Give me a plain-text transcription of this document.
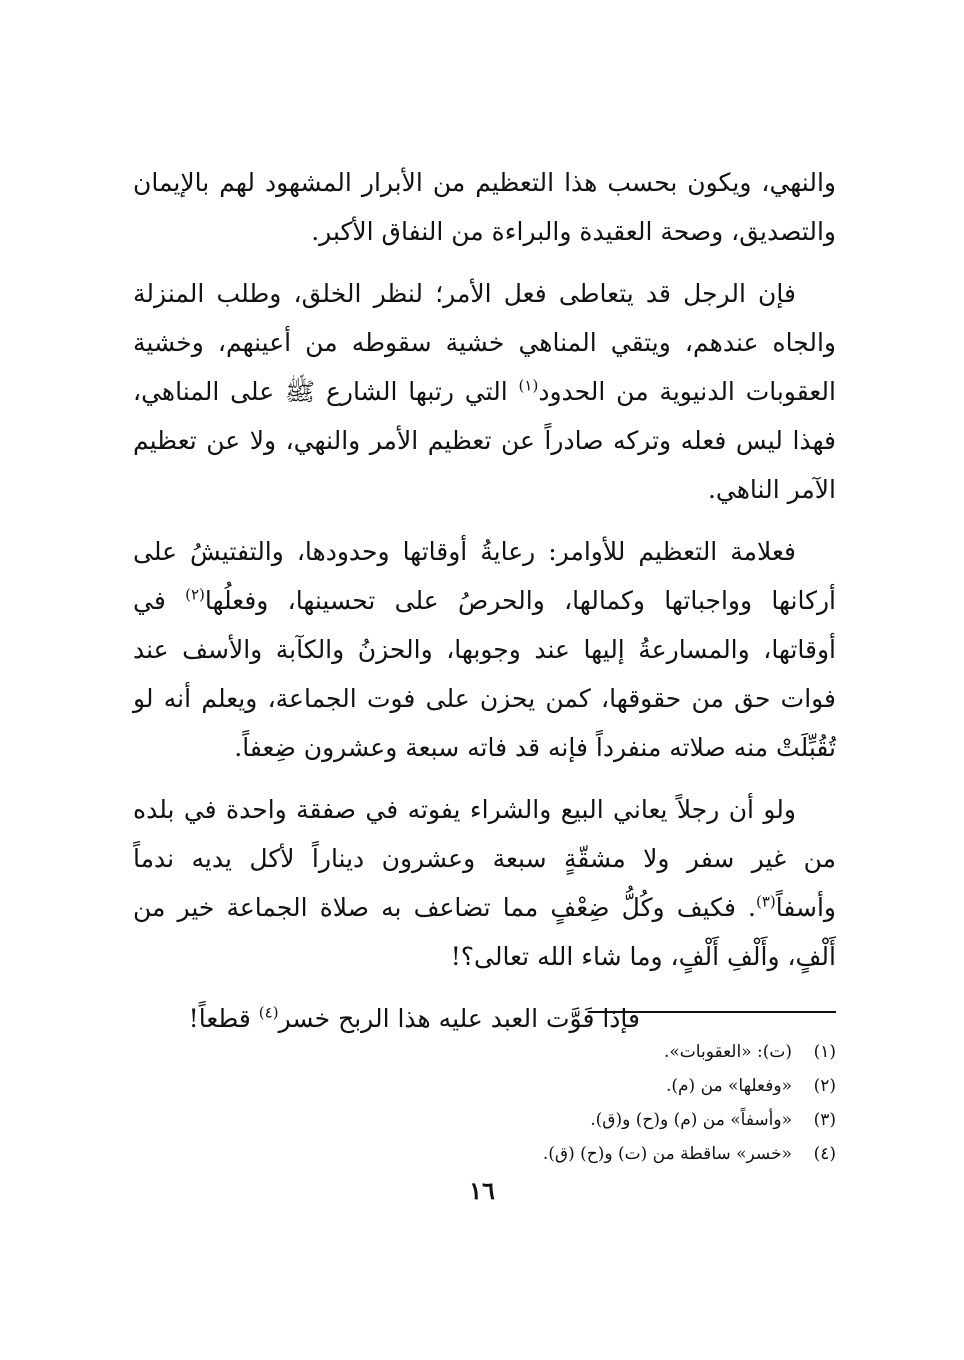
والنهي، ويكون بحسب هذا التعظيم من الأبرار المشهود لهم بالإيمان والتصديق، وصحة العقيدة والبراءة من النفاق الأكبر.

فإن الرجل قد يتعاطى فعل الأمر؛ لنظر الخلق، وطلب المنزلة والجاه عندهم، ويتقي المناهي خشية سقوطه من أعينهم، وخشية العقوبات الدنيوية من الحدود$^{(١)}$ التي رتبها الشارع ﷺ على المناهي، فهذا ليس فعله وتركه صادراً عن تعظيم الأمر والنهي، ولا عن تعظيم الآمر الناهي.

فعلامة التعظيم للأوامر: رعايةُ أوقاتها وحدودها، والتفتيشُ على أركانها وواجباتها وكمالها، والحرصُ على تحسينها، وفعلُها$^{(٢)}$ في أوقاتها، والمسارعةُ إليها عند وجوبها، والحزنُ والكآبة والأسف عند فوات حق من حقوقها، كمن يحزن على فوت الجماعة، ويعلم أنه لو تُقُبِّلَتْ منه صلاته منفرداً فإنه قد فاته سبعة وعشرون ضِعفاً.

ولو أن رجلاً يعاني البيع والشراء يفوته في صفقة واحدة في بلده من غير سفر ولا مشقّةٍ سبعة وعشرون ديناراً لأكل يديه ندماً وأسفاً$^{(٣)}$. فكيف وكُلُّ ضِعْفٍ مما تضاعف به صلاة الجماعة خير من أَلْفٍ، وأَلْفِ أَلْفٍ، وما شاء الله تعالى؟!

فإذا فَوَّت العبد عليه هذا الربح خسر$^{(٤)}$ قطعاً!

(١)(ت): «العقوبات».
(٢)«وفعلها» من (م).
(٣)«وأسفاً» من (م) و(ح) و(ق).
(٤)«خسر» ساقطة من (ت) و(ح) (ق).
١٦
